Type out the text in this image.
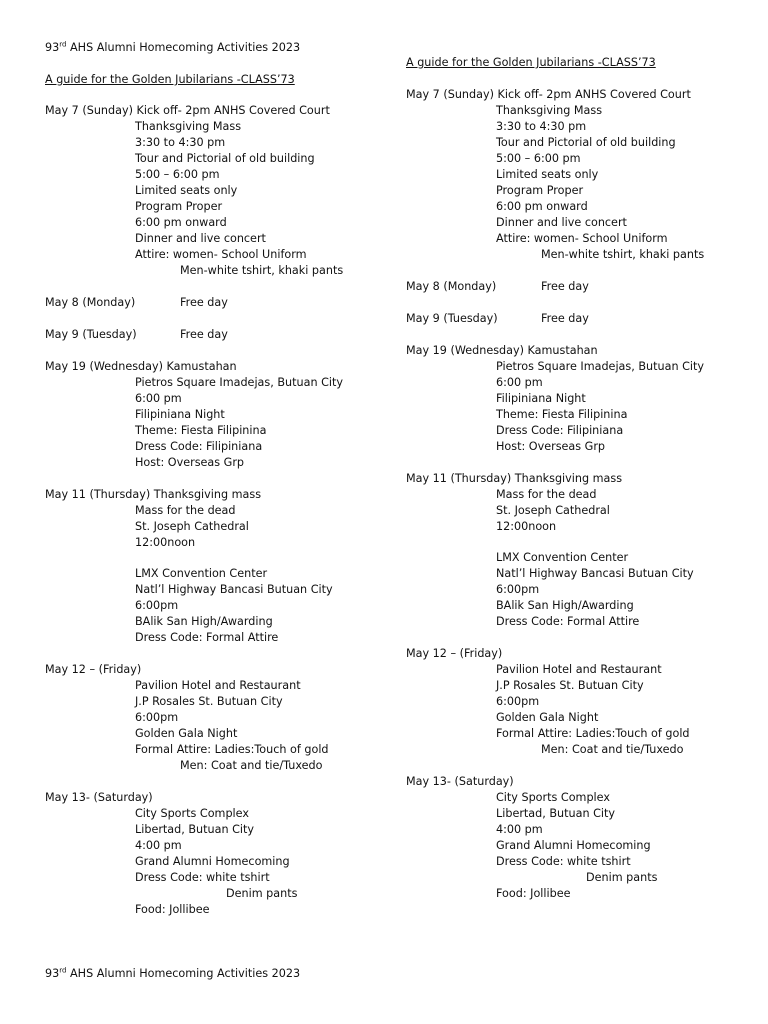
93rd AHS Alumni Homecoming Activities 2023
A guide for the Golden Jubilarians -CLASS’73
May 7 (Sunday) Kick off- 2pm ANHS Covered Court
Thanksgiving Mass
3:30 to 4:30 pm
Tour and Pictorial of old building
5:00 – 6:00 pm
Limited seats only
Program Proper
6:00 pm onward
Dinner and live concert
Attire: women- School Uniform
Men-white tshirt, khaki pants
May 8 (Monday)	Free day
May 9 (Tuesday)	Free day
May 19 (Wednesday) Kamustahan
Pietros Square Imadejas, Butuan City
6:00 pm
Filipiniana Night
Theme: Fiesta Filipinina
Dress Code: Filipiniana
Host: Overseas Grp
May 11 (Thursday) Thanksgiving mass
Mass for the dead
St. Joseph Cathedral
12:00noon
LMX Convention Center
Natl’l Highway Bancasi Butuan City
6:00pm
BAlik San High/Awarding
Dress Code: Formal Attire
May 12 – (Friday)
Pavilion Hotel and Restaurant
J.P Rosales St. Butuan City
6:00pm
Golden Gala Night
Formal Attire: Ladies:Touch of gold
Men: Coat and tie/Tuxedo
May 13- (Saturday)
City Sports Complex
Libertad, Butuan City
4:00 pm
Grand Alumni Homecoming
Dress Code: white tshirt
Denim pants
Food: Jollibee
A guide for the Golden Jubilarians -CLASS’73
May 7 (Sunday) Kick off- 2pm ANHS Covered Court
Thanksgiving Mass
3:30 to 4:30 pm
Tour and Pictorial of old building
5:00 – 6:00 pm
Limited seats only
Program Proper
6:00 pm onward
Dinner and live concert
Attire: women- School Uniform
Men-white tshirt, khaki pants
May 8 (Monday)	Free day
May 9 (Tuesday)	Free day
May 19 (Wednesday) Kamustahan
Pietros Square Imadejas, Butuan City
6:00 pm
Filipiniana Night
Theme: Fiesta Filipinina
Dress Code: Filipiniana
Host: Overseas Grp
May 11 (Thursday) Thanksgiving mass
Mass for the dead
St. Joseph Cathedral
12:00noon
LMX Convention Center
Natl’l Highway Bancasi Butuan City
6:00pm
BAlik San High/Awarding
Dress Code: Formal Attire
May 12 – (Friday)
Pavilion Hotel and Restaurant
J.P Rosales St. Butuan City
6:00pm
Golden Gala Night
Formal Attire: Ladies:Touch of gold
Men: Coat and tie/Tuxedo
May 13- (Saturday)
City Sports Complex
Libertad, Butuan City
4:00 pm
Grand Alumni Homecoming
Dress Code: white tshirt
Denim pants
Food: Jollibee
93rd AHS Alumni Homecoming Activities 2023
